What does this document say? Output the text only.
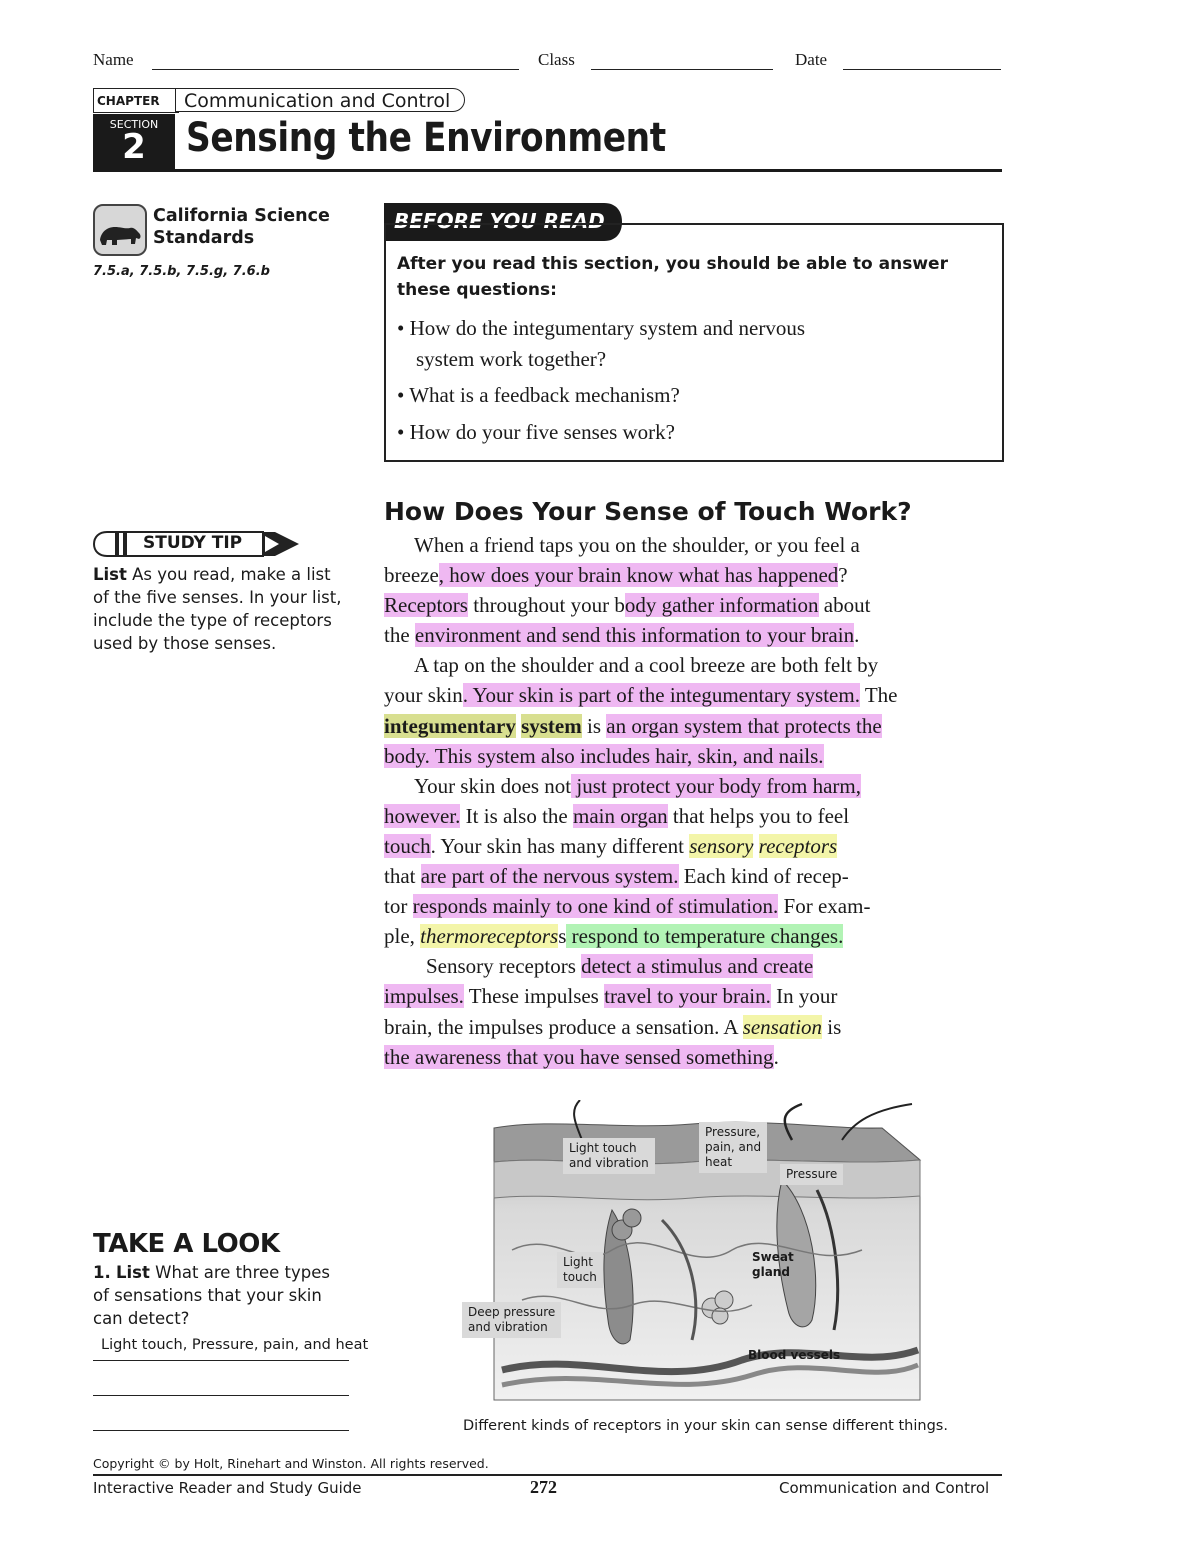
Name	Class	Date
CHAPTER	Communication and Control
SECTION
2	Sensing the Environment
California Science
Standards
7.5.a, 7.5.b, 7.5.g, 7.6.b
BEFORE YOU READ
After you read this section, you should be able to answer
these questions:
• How do the integumentary system and nervous
system work together?
• What is a feedback mechanism?
• How do your five senses work?
STUDY TIP
List As you read, make a list
of the five senses. In your list,
include the type of receptors
used by those senses.
How Does Your Sense of Touch Work?
When a friend taps you on the shoulder, or you feel a
breeze, how does your brain know what has happened?
Receptors throughout your body gather information about
the environment and send this information to your brain.
A tap on the shoulder and a cool breeze are both felt by
your skin. Your skin is part of the integumentary system. The
integumentary system is an organ system that protects the
body. This system also includes hair, skin, and nails.
Your skin does not just protect your body from harm,
however. It is also the main organ that helps you to feel
touch. Your skin has many different sensory receptors
that are part of the nervous system. Each kind of recep-
tor responds mainly to one kind of stimulation. For exam-
ple, thermoreceptorss respond to temperature changes.
Sensory receptors detect a stimulus and create
impulses. These impulses travel to your brain. In your
brain, the impulses produce a sensation. A sensation is
the awareness that you have sensed something.
Light touch
and vibration
Pressure,
pain, and
heat
Pressure
Light
touch
Sweat
gland
Deep pressure
and vibration
Blood vessels
Different kinds of receptors in your skin can sense different things.
TAKE A LOOK
1. List What are three types
of sensations that your skin
can detect?
Light touch, Pressure, pain, and heat
Copyright © by Holt, Rinehart and Winston. All rights reserved.
Interactive Reader and Study Guide	272	Communication and Control
